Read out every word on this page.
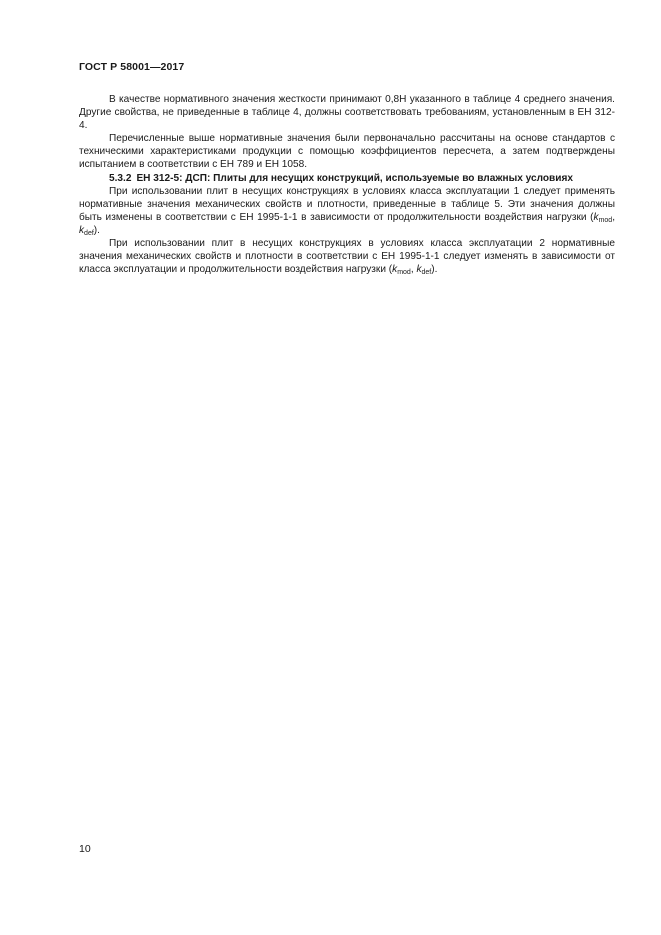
ГОСТ Р 58001—2017

В качестве нормативного значения жесткости принимают 0,8Н указанного в таблице 4 среднего значения. Другие свойства, не приведенные в таблице 4, должны соответствовать требованиям, установленным в ЕН 312-4.

Перечисленные выше нормативные значения были первоначально рассчитаны на основе стандартов с техническими характеристиками продукции с помощью коэффициентов пересчета, а затем подтверждены испытанием в соответствии с ЕН 789 и ЕН 1058.

5.3.2 ЕН 312-5: ДСП: Плиты для несущих конструкций, используемые во влажных условиях

При использовании плит в несущих конструкциях в условиях класса эксплуатации 1 следует применять нормативные значения механических свойств и плотности, приведенные в таблице 5. Эти значения должны быть изменены в соответствии с ЕН 1995-1-1 в зависимости от продолжительности воздействия нагрузки ($k_{mod}$, $k_{def}$).

При использовании плит в несущих конструкциях в условиях класса эксплуатации 2 нормативные значения механических свойств и плотности в соответствии с ЕН 1995-1-1 следует изменять в зависимости от класса эксплуатации и продолжительности воздействия нагрузки ($k_{mod}$, $k_{def}$).

10
